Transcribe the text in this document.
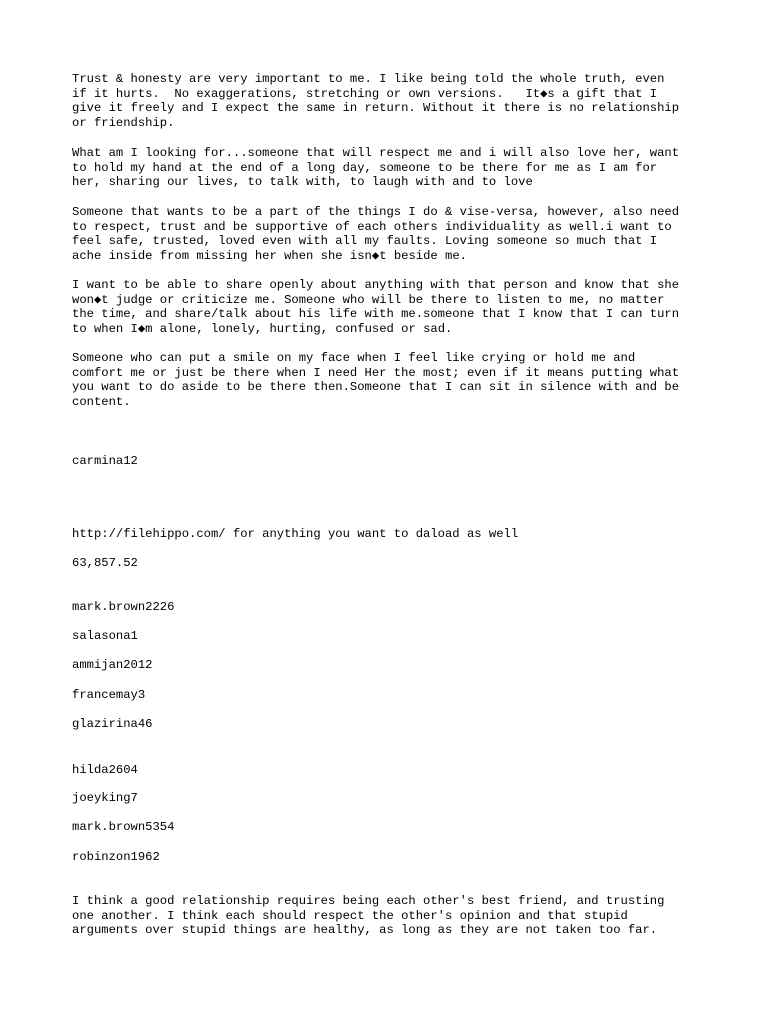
Trust & honesty are very important to me. I like being told the whole truth, even
if it hurts.  No exaggerations, stretching or own versions.   It◆s a gift that I
give it freely and I expect the same in return. Without it there is no relationship
or friendship.

What am I looking for...someone that will respect me and i will also love her, want
to hold my hand at the end of a long day, someone to be there for me as I am for
her, sharing our lives, to talk with, to laugh with and to love

Someone that wants to be a part of the things I do & vise-versa, however, also need
to respect, trust and be supportive of each others individuality as well.i want to
feel safe, trusted, loved even with all my faults. Loving someone so much that I
ache inside from missing her when she isn◆t beside me.

I want to be able to share openly about anything with that person and know that she
won◆t judge or criticize me. Someone who will be there to listen to me, no matter
the time, and share/talk about his life with me.someone that I know that I can turn
to when I◆m alone, lonely, hurting, confused or sad.

Someone who can put a smile on my face when I feel like crying or hold me and
comfort me or just be there when I need Her the most; even if it means putting what
you want to do aside to be there then.Someone that I can sit in silence with and be
content.

carmina12

http://filehippo.com/ for anything you want to daload as well

63,857.52

mark.brown2226

salasona1

ammijan2012

francemay3

glazirina46

hilda2604

joeyking7

mark.brown5354

robinzon1962

I think a good relationship requires being each other's best friend, and trusting
one another. I think each should respect the other's opinion and that stupid
arguments over stupid things are healthy, as long as they are not taken too far.
